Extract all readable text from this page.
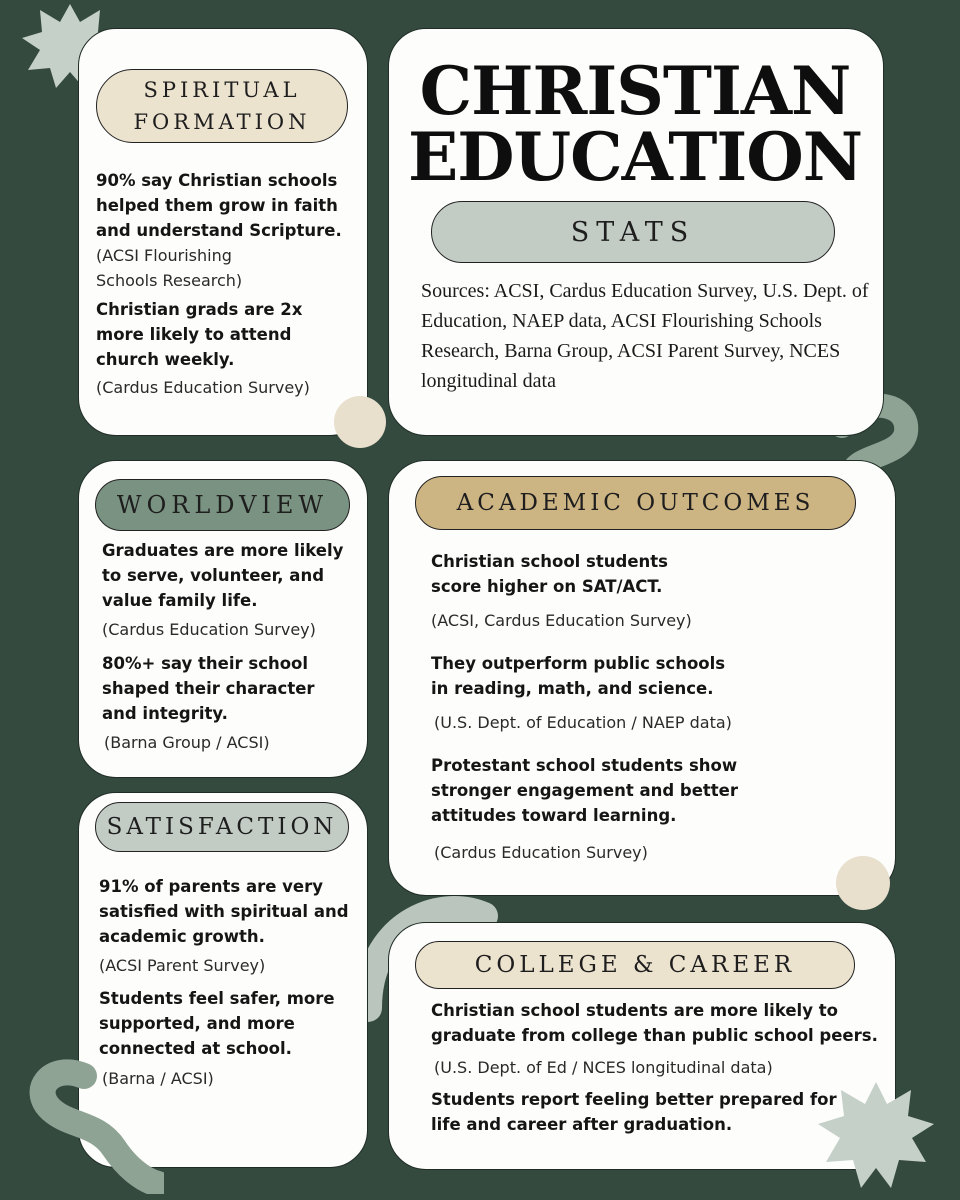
SPIRITUAL
FORMATION

90% say Christian schools
helped them grow in faith
and understand Scripture.

(ACSI Flourishing
Schools Research)

Christian grads are 2x
more likely to attend
church weekly.

(Cardus Education Survey)

CHRISTIAN
EDUCATION
STATS

Sources: ACSI, Cardus Education Survey, U.S. Dept. of Education, NAEP data, ACSI Flourishing Schools Research, Barna Group, ACSI Parent Survey, NCES longitudinal data

WORLDVIEW

Graduates are more likely
to serve, volunteer, and
value family life.

(Cardus Education Survey)

80%+ say their school
shaped their character
and integrity.

(Barna Group / ACSI)

SATISFACTION

91% of parents are very
satisfied with spiritual and
academic growth.

(ACSI Parent Survey)

Students feel safer, more
supported, and more
connected at school.

(Barna / ACSI)

ACADEMIC OUTCOMES

Christian school students
score higher on SAT/ACT.

(ACSI, Cardus Education Survey)

They outperform public schools
in reading, math, and science.

(U.S. Dept. of Education / NAEP data)

Protestant school students show
stronger engagement and better
attitudes toward learning.

(Cardus Education Survey)

COLLEGE & CAREER

Christian school students are more likely to
graduate from college than public school peers.

(U.S. Dept. of Ed / NCES longitudinal data)

Students report feeling better prepared for
life and career after graduation.
